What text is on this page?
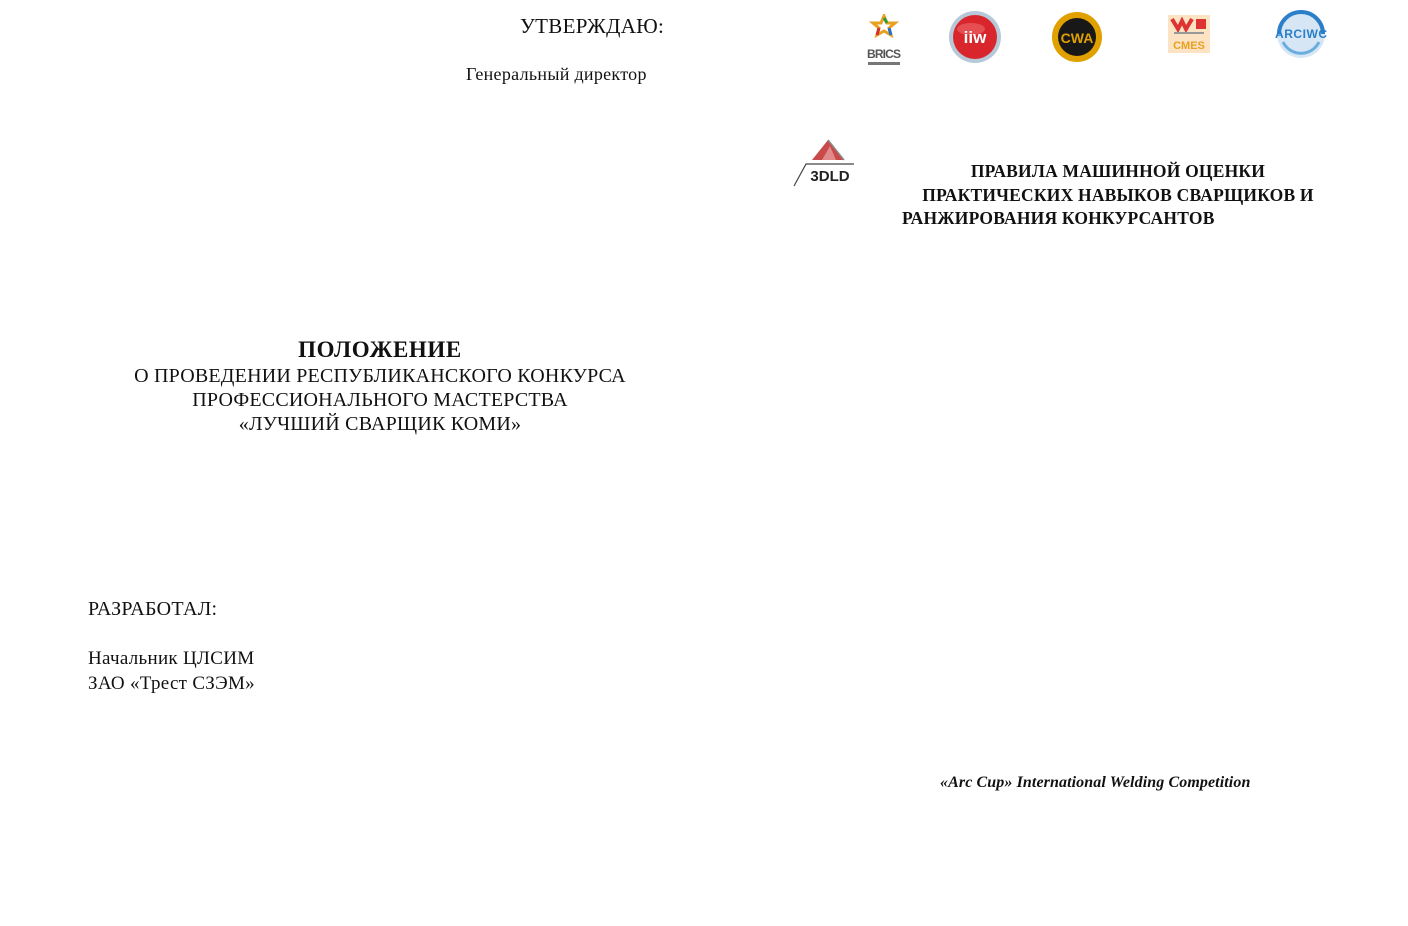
УТВЕРЖДАЮ:
Генеральный директор
ПОЛОЖЕНИЕ
О ПРОВЕДЕНИИ РЕСПУБЛИКАНСКОГО КОНКУРСА
ПРОФЕССИОНАЛЬНОГО МАСТЕРСТВА
«ЛУЧШИЙ СВАРЩИК КОМИ»
РАЗРАБОТАЛ:
Начальник ЦЛСИМ
ЗАО «Трест СЗЭМ»
BRICS
iiw	CWA	CMES
ARCIWC
3DLD	ПРАВИЛА МАШИННОЙ ОЦЕНКИ
ПРАКТИЧЕСКИХ НАВЫКОВ СВАРЩИКОВ И
РАНЖИРОВАНИЯ КОНКУРСАНТОВ
«Arc Cup» International Welding Competition
